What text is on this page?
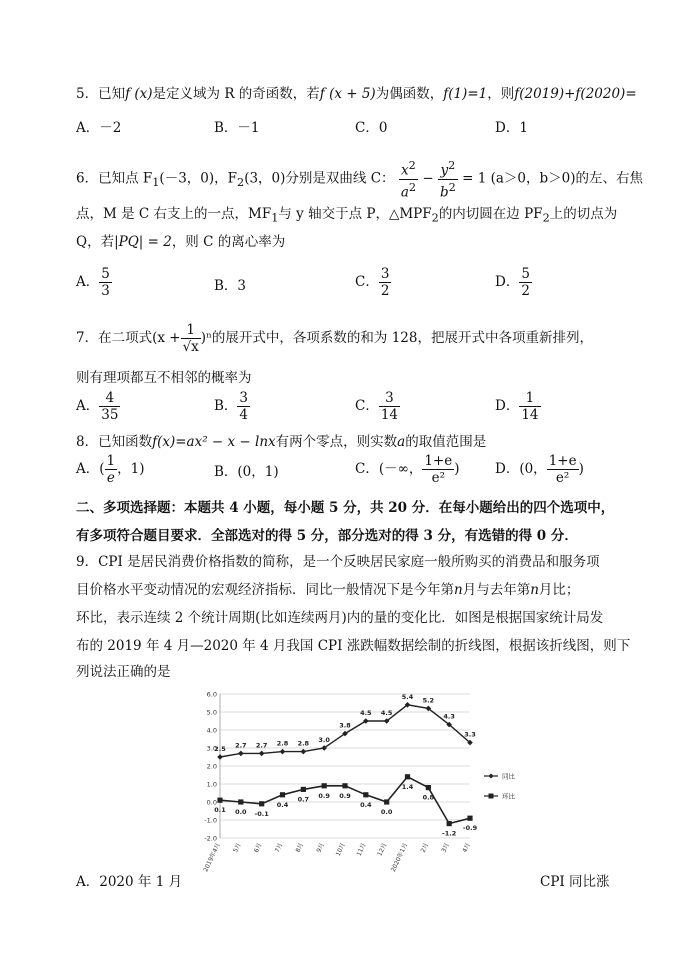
5．已知f (x)是定义域为 R 的奇函数，若f (x + 5)为偶函数，f(1)=1，则f(2019)+f(2020)=
A．－2	B．－1	C．0	D．1
6．已知点 $F_1(-3$，0)，$F_2(3$，0)分别是双曲线 C： $\frac{x^2}{a^2} - \frac{y^2}{b^2} = 1$ (a＞0，b＞0)的左、右焦
点，M 是 C 右支上的一点，$MF_1$与 y 轴交于点 P，$\triangle MPF_2$的内切圆在边 $PF_2$上的切点为
Q，若|PQ| = 2，则 C 的离心率为
A． $\frac{5}{3}$	B．3	C． $\frac{3}{2}$	D． $\frac{5}{2}$
7．在二项式$(x + \frac{1}{√x} )^n$的展开式中，各项系数的和为 128，把展开式中各项重新排列，
则有理项都互不相邻的概率为
A． $\frac{4}{35}$	B． $\frac{3}{4}$	C． $\frac{3}{14}$	D． $\frac{1}{14}$
8．已知函数f(x)=ax² − x − lnx有两个零点，则实数a的取值范围是
A．( $\frac{1}{e}$ ，1)	B．(0，1)	C．(－∞， $\frac{1+e}{\text{e²}}$ )	D．(0， $\frac{1+e}{\text{e²}}$ )
二、多项选择题：本题共 4 小题，每小题 5 分，共 20 分．在每小题给出的四个选项中，
有多项符合题目要求．全部选对的得 5 分，部分选对的得 3 分，有选错的得 0 分．
9．CPI 是居民消费价格指数的简称，是一个反映居民家庭一般所购买的消费品和服务项
目价格水平变动情况的宏观经济指标．同比一般情况下是今年第n月与去年第n月比；
环比，表示连续 2 个统计周期(比如连续两月)内的量的变化比．如图是根据国家统计局发
布的 2019 年 4 月—2020 年 4 月我国 CPI 涨跌幅数据绘制的折线图，根据该折线图，则下
列说法正确的是
6.0
5.0
4.0
3.0
2.0
1.0
0.0
-1.0
-2.0
2019年4月 5月 6月 7月 8月 9月 10月 11月 12月 2020年1月 2月 3月 4月
2.5 2.7 2.7 2.8 2.8 3.0
3.8
4.5 4.5
5.4 5.2
4.3
3.3
0.1 0.0 -0.1
0.4
0.7 0.9 0.9
0.4
0.0
1.4
0.8
-1.2
-0.9
同比
环比
A．2020 年 1 月	CPI 同比涨
